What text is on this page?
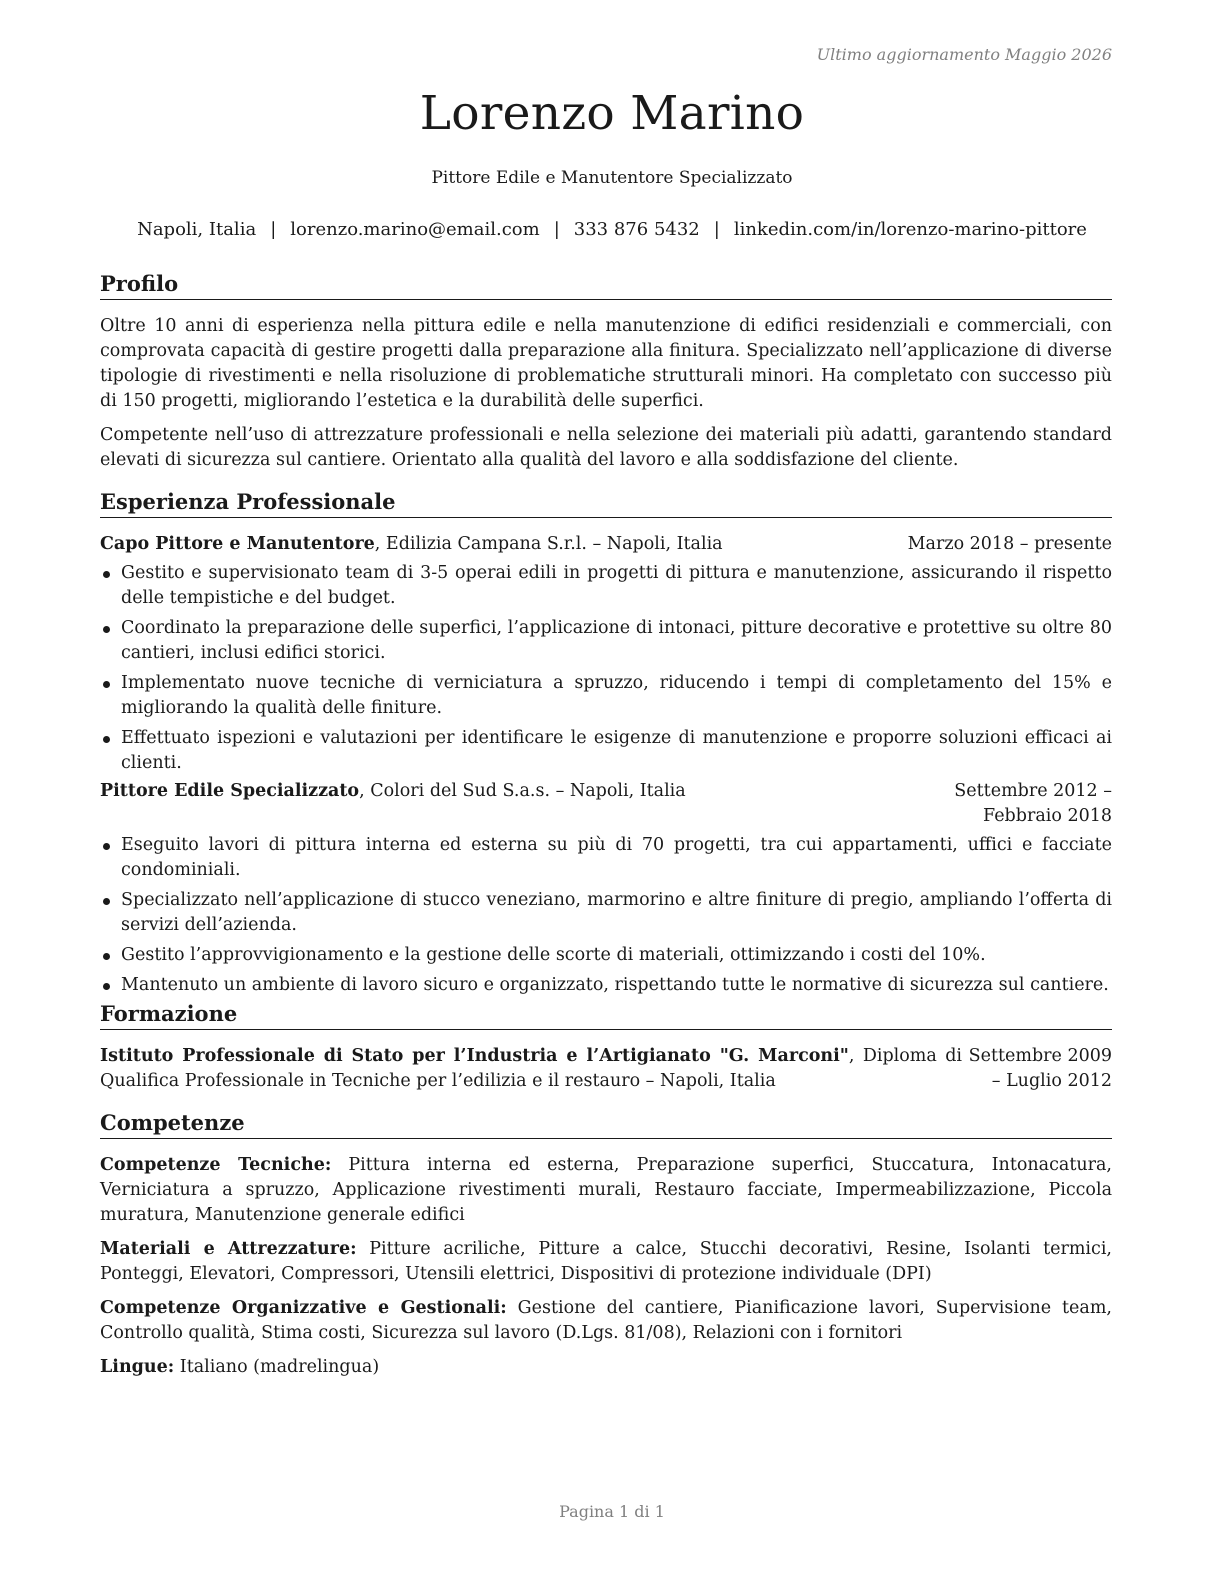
Ultimo aggiornamento Maggio 2026
Lorenzo Marino
Pittore Edile e Manutentore Specializzato
Napoli, Italia | lorenzo.marino@email.com | 333 876 5432 | linkedin.com/in/lorenzo-marino-pittore
Profilo

Oltre 10 anni di esperienza nella pittura edile e nella manutenzione di edifici residenziali e commerciali, con comprovata capacità di gestire progetti dalla preparazione alla finitura. Specializzato nell’applicazione di diverse tipologie di rivestimenti e nella risoluzione di problematiche strutturali minori. Ha completato con successo più di 150 progetti, migliorando l’estetica e la durabilità delle superfici.

Competente nell’uso di attrezzature professionali e nella selezione dei materiali più adatti, garantendo standard elevati di sicurezza sul cantiere. Orientato alla qualità del lavoro e alla soddisfazione del cliente.

Esperienza Professionale
Capo Pittore e Manutentore, Edilizia Campana S.r.l. – Napoli, Italia	Marzo 2018 – presente
Gestito e supervisionato team di 3-5 operai edili in progetti di pittura e manutenzione, assicurando il rispetto delle tempistiche e del budget.
Coordinato la preparazione delle superfici, l’applicazione di intonaci, pitture decorative e protettive su oltre 80 cantieri, inclusi edifici storici.
Implementato nuove tecniche di verniciatura a spruzzo, riducendo i tempi di completamento del 15% e migliorando la qualità delle finiture.
Effettuato ispezioni e valutazioni per identificare le esigenze di manutenzione e proporre soluzioni efficaci ai clienti.
Pittore Edile Specializzato, Colori del Sud S.a.s. – Napoli, Italia	Settembre 2012 – Febbraio 2018
Eseguito lavori di pittura interna ed esterna su più di 70 progetti, tra cui appartamenti, uffici e facciate condominiali.
Specializzato nell’applicazione di stucco veneziano, marmorino e altre finiture di pregio, ampliando l’offerta di servizi dell’azienda.
Gestito l’approvvigionamento e la gestione delle scorte di materiali, ottimizzando i costi del 10%.
Mantenuto un ambiente di lavoro sicuro e organizzato, rispettando tutte le normative di sicurezza sul cantiere.
Formazione
Istituto Professionale di Stato per l’Industria e l’Artigianato "G. Marconi", Diploma di Qualifica Professionale in Tecniche per l’edilizia e il restauro – Napoli, Italia
Settembre 2009 – Luglio 2012
Competenze

Competenze Tecniche: Pittura interna ed esterna, Preparazione superfici, Stuccatura, Intonacatura, Verniciatura a spruzzo, Applicazione rivestimenti murali, Restauro facciate, Impermeabilizzazione, Piccola muratura, Manutenzione generale edifici

Materiali e Attrezzature: Pitture acriliche, Pitture a calce, Stucchi decorativi, Resine, Isolanti termici, Ponteggi, Elevatori, Compressori, Utensili elettrici, Dispositivi di protezione individuale (DPI)

Competenze Organizzative e Gestionali: Gestione del cantiere, Pianificazione lavori, Supervisione team, Controllo qualità, Stima costi, Sicurezza sul lavoro (D.Lgs. 81/08), Relazioni con i fornitori

Lingue: Italiano (madrelingua)

Pagina 1 di 1
